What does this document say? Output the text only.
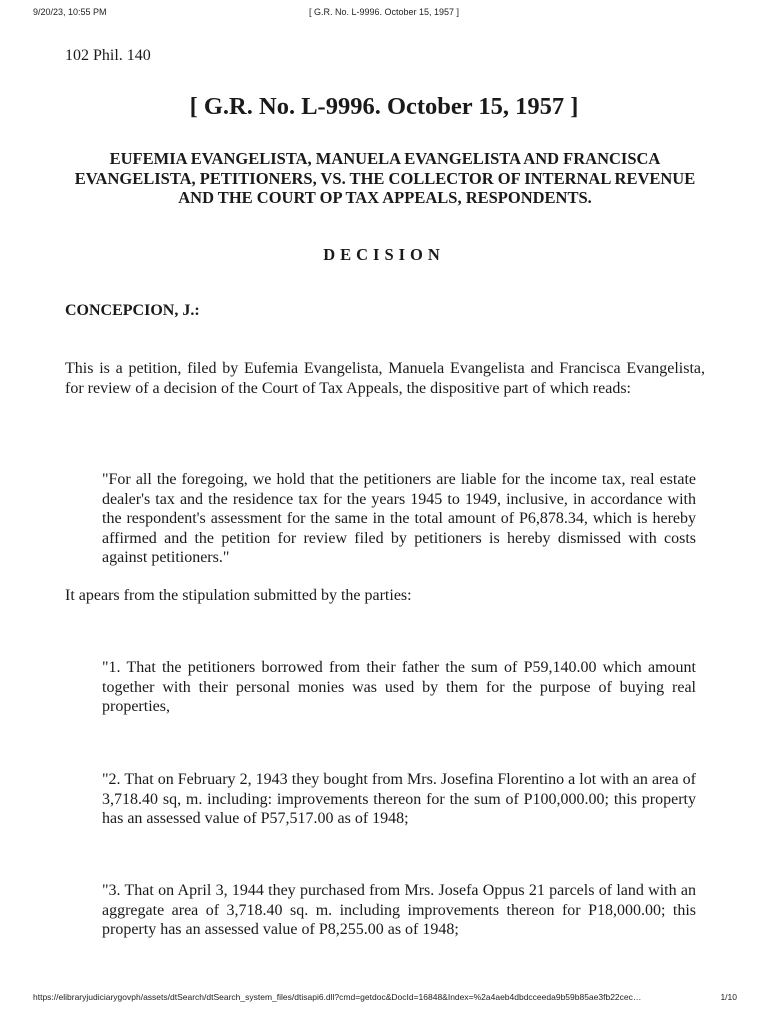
9/20/23, 10:55 PM	[ G.R. No. L-9996. October 15, 1957 ]
102 Phil. 140
[ G.R. No. L-9996. October 15, 1957 ]
EUFEMIA EVANGELISTA, MANUELA EVANGELISTA AND FRANCISCA EVANGELISTA, PETITIONERS, VS. THE COLLECTOR OF INTERNAL REVENUE AND THE COURT OP TAX APPEALS, RESPONDENTS.
DECISION
CONCEPCION, J.:
This is a petition, filed by Eufemia Evangelista, Manuela Evangelista and Francisca Evangelista, for review of a decision of the Court of Tax Appeals, the dispositive part of which reads:
"For all the foregoing, we hold that the petitioners are liable for the income tax, real estate dealer's tax and the residence tax for the years 1945 to 1949, inclusive, in accordance with the respondent's assessment for the same in the total amount of P6,878.34, which is hereby affirmed and the petition for review filed by petitioners is hereby dismissed with costs against petitioners."
It apears from the stipulation submitted by the parties:
"1. That the petitioners borrowed from their father the sum of P59,140.00 which amount together with their personal monies was used by them for the purpose of buying real properties,
"2. That on February 2, 1943 they bought from Mrs. Josefina Florentino a lot with an area of 3,718.40 sq, m. including: improvements thereon for the sum of P100,000.00; this property has an assessed value of P57,517.00 as of 1948;
"3. That on April 3, 1944 they purchased from Mrs. Josefa Oppus 21 parcels of land with an aggregate area of 3,718.40 sq. m. including improvements thereon for P18,000.00; this property has an assessed value of P8,255.00 as of 1948;
https://elibraryjudiciarygovph/assets/dtSearch/dtSearch_system_files/dtisapi6.dll?cmd=getdoc&DocId=16848&Index=%2a4aeb4dbdcceeda9b59b85ae3fb22cec…	1/10
